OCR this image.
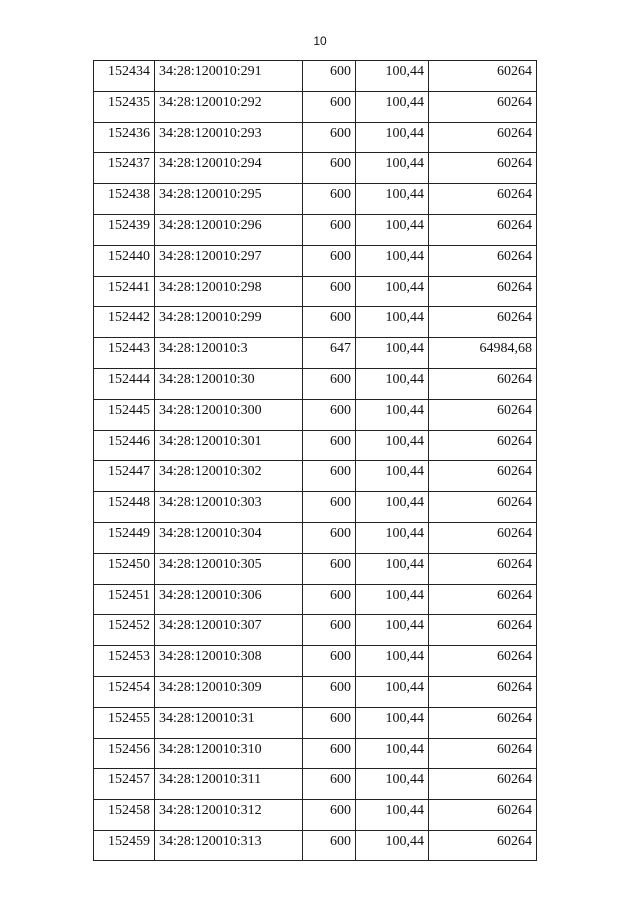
10
152434	34:28:120010:291	600	100,44	60264
152435	34:28:120010:292	600	100,44	60264
152436	34:28:120010:293	600	100,44	60264
152437	34:28:120010:294	600	100,44	60264
152438	34:28:120010:295	600	100,44	60264
152439	34:28:120010:296	600	100,44	60264
152440	34:28:120010:297	600	100,44	60264
152441	34:28:120010:298	600	100,44	60264
152442	34:28:120010:299	600	100,44	60264
152443	34:28:120010:3	647	100,44	64984,68
152444	34:28:120010:30	600	100,44	60264
152445	34:28:120010:300	600	100,44	60264
152446	34:28:120010:301	600	100,44	60264
152447	34:28:120010:302	600	100,44	60264
152448	34:28:120010:303	600	100,44	60264
152449	34:28:120010:304	600	100,44	60264
152450	34:28:120010:305	600	100,44	60264
152451	34:28:120010:306	600	100,44	60264
152452	34:28:120010:307	600	100,44	60264
152453	34:28:120010:308	600	100,44	60264
152454	34:28:120010:309	600	100,44	60264
152455	34:28:120010:31	600	100,44	60264
152456	34:28:120010:310	600	100,44	60264
152457	34:28:120010:311	600	100,44	60264
152458	34:28:120010:312	600	100,44	60264
152459	34:28:120010:313	600	100,44	60264
